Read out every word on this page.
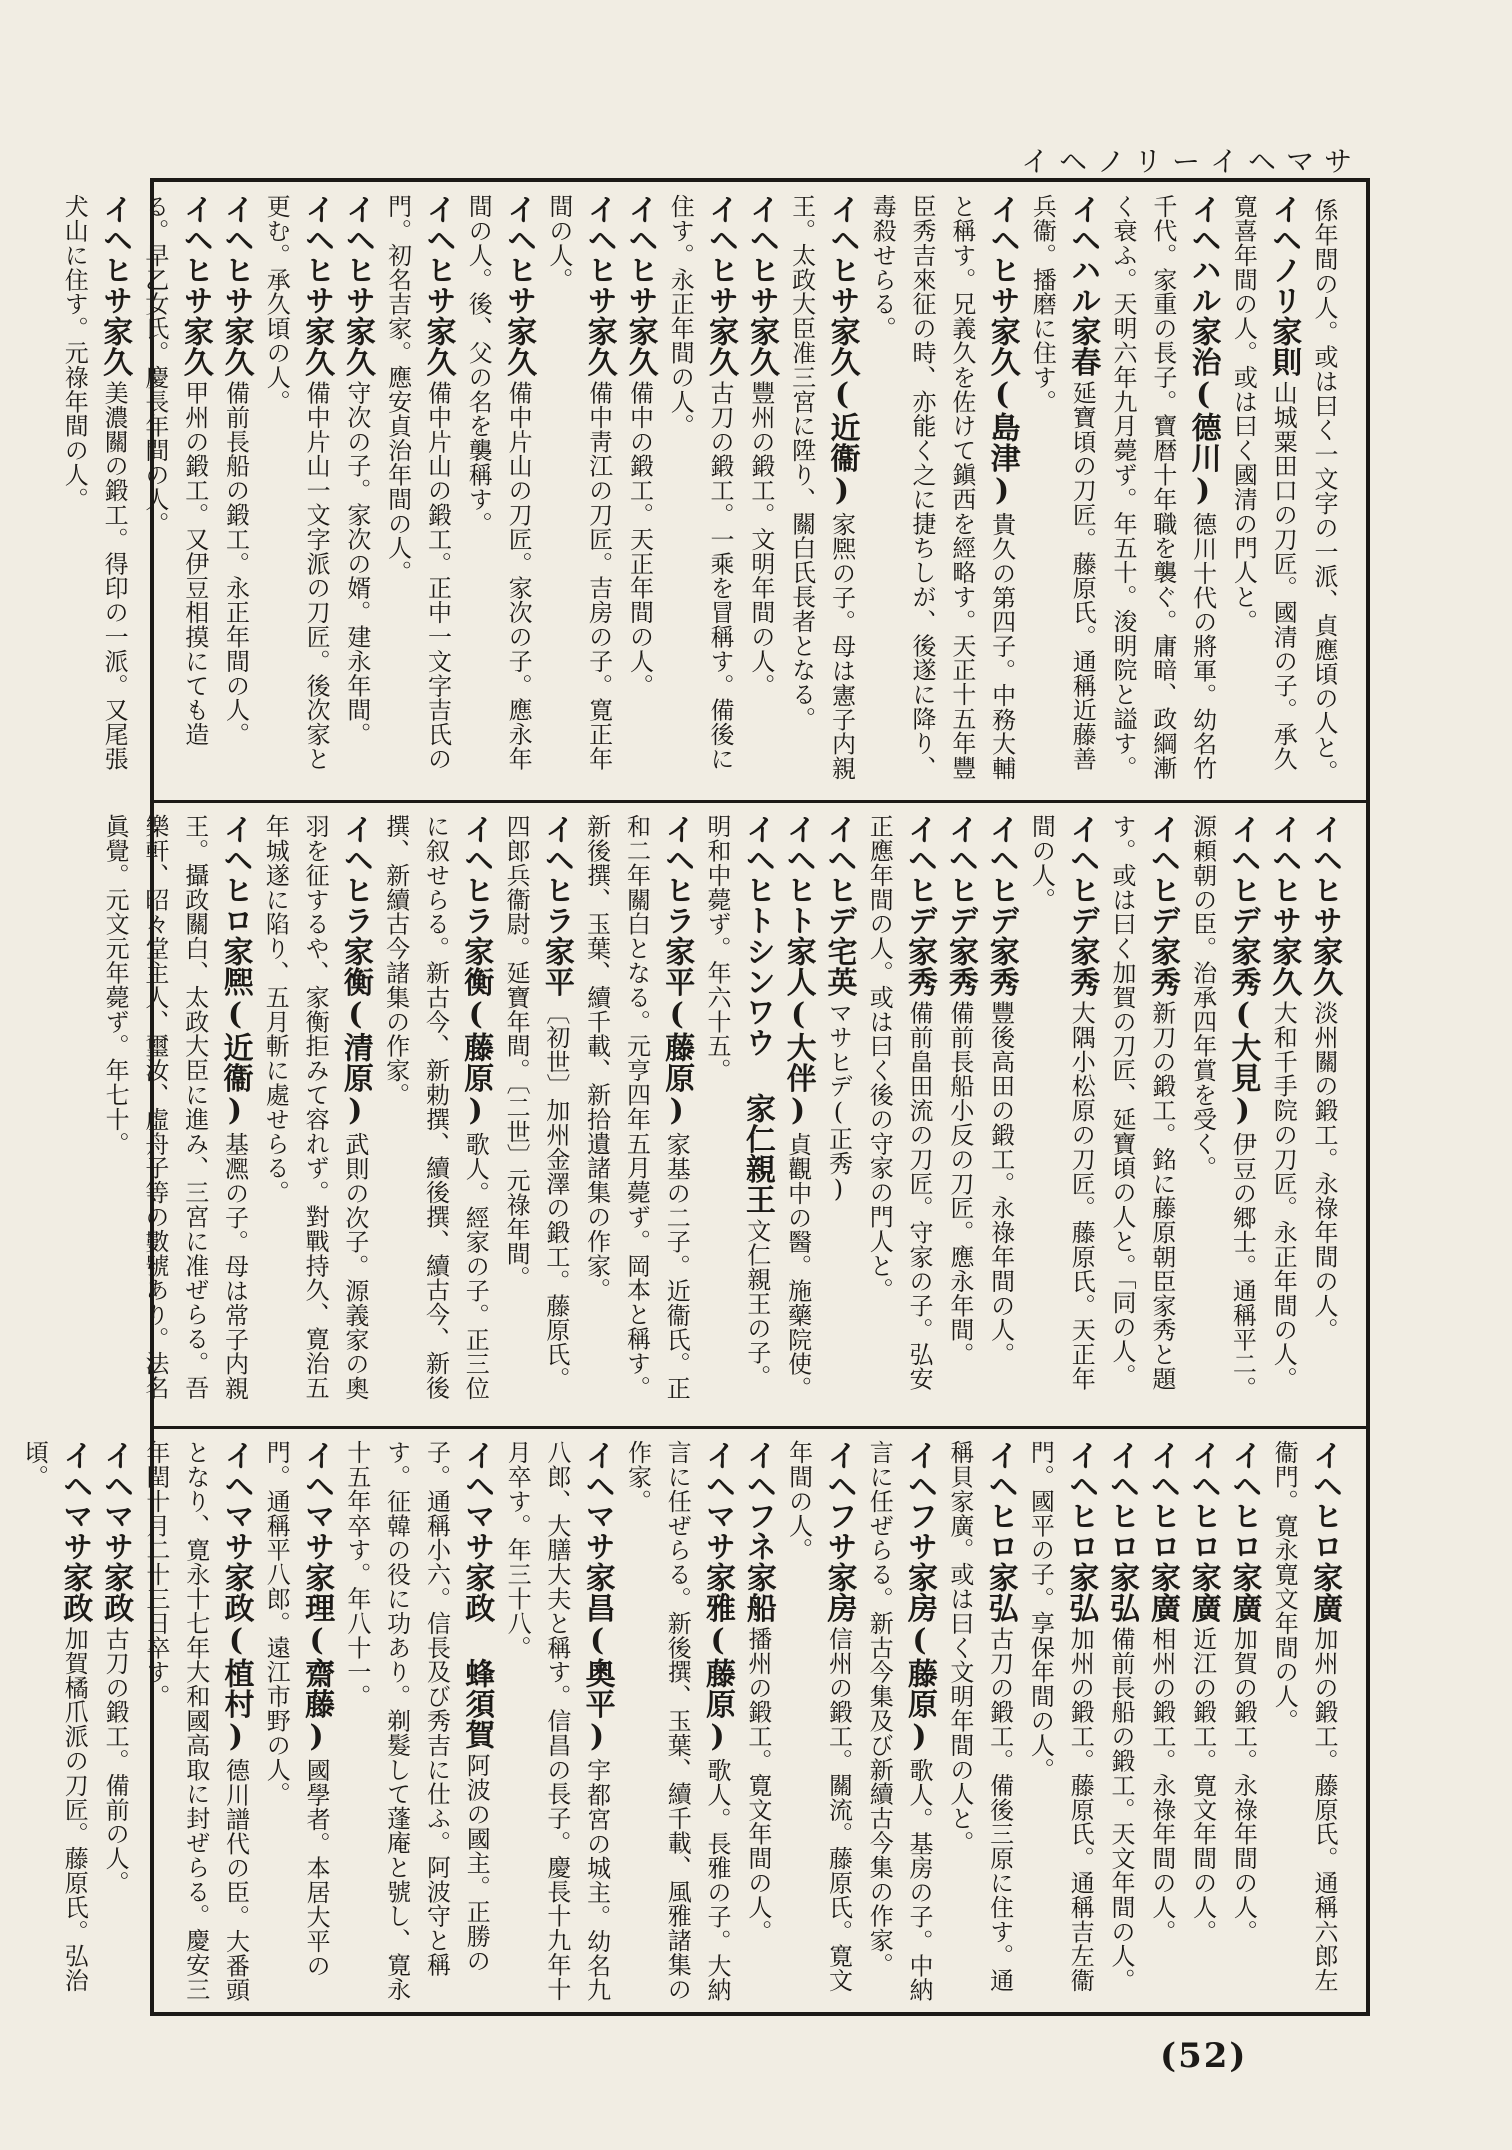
イヘノリーイヘマサ
係年間の人。或は曰く一文字の一派、貞應頃の人と。
イヘノリ家則山城粟田口の刀匠。國清の子。承久寛喜年間の人。或は曰く國清の門人と。
イヘハル家治(德川)德川十代の將軍。幼名竹千代。家重の長子。寶暦十年職を襲ぐ。庸暗、政綱漸く衰ふ。天明六年九月薨ず。年五十。浚明院と謚す。
イヘハル家春延寶頃の刀匠。藤原氏。通稱近藤善兵衞。播磨に住す。
イヘヒサ家久(島津)貴久の第四子。中務大輔と稱す。兄義久を佐けて鎭西を經略す。天正十五年豐臣秀吉來征の時、亦能く之に捷ちしが、後遂に降り、毒殺せらる。
イヘヒサ家久(近衞)家熈の子。母は憲子内親王。太政大臣准三宮に陞り、關白氏長者となる。
イヘヒサ家久豐州の鍛工。文明年間の人。
イヘヒサ家久古刀の鍛工。一乘を冒稱す。備後に住す。永正年間の人。
イヘヒサ家久備中の鍛工。天正年間の人。
イヘヒサ家久備中靑江の刀匠。吉房の子。寛正年間の人。
イヘヒサ家久備中片山の刀匠。家次の子。應永年間の人。後、父の名を襲稱す。
イヘヒサ家久備中片山の鍛工。正中一文字吉氏の門。初名吉家。應安貞治年間の人。
イヘヒサ家久守次の子。家次の婿。建永年間。
イヘヒサ家久備中片山一文字派の刀匠。後次家と更む。承久頃の人。
イヘヒサ家久備前長船の鍛工。永正年間の人。
イヘヒサ家久甲州の鍛工。又伊豆相摸にても造る。早乙女氏。慶長年間の人。
イヘヒサ家久美濃關の鍛工。得印の一派。又尾張犬山に住す。元祿年間の人。
イヘヒサ家久淡州關の鍛工。永祿年間の人。
イヘヒサ家久大和千手院の刀匠。永正年間の人。
イヘヒデ家秀(大見)伊豆の郷士。通稱平二。源頼朝の臣。治承四年賞を受く。
イヘヒデ家秀新刀の鍛工。銘に藤原朝臣家秀と題す。或は曰く加賀の刀匠、延寶頃の人と。「同の人。
イヘヒデ家秀大隅小松原の刀匠。藤原氏。天正年間の人。
イヘヒデ家秀豐後高田の鍛工。永祿年間の人。
イヘヒデ家秀備前長船小反の刀匠。應永年間。
イヘヒデ家秀備前畠田流の刀匠。守家の子。弘安正應年間の人。或は曰く後の守家の門人と。
イヘヒデ宅英マサヒデ(正秀)
イヘヒト家人(大伴)貞觀中の醫。施藥院使。
イヘヒトシンワウ 家仁親王文仁親王の子。明和中薨ず。年六十五。
イヘヒラ家平(藤原)家基の二子。近衞氏。正和二年關白となる。元亨四年五月薨ず。岡本と稱す。新後撰、玉葉、續千載、新拾遺諸集の作家。
イヘヒラ家平〔初世〕加州金澤の鍛工。藤原氏。四郎兵衞尉。延寶年間。〔二世〕元祿年間。
イヘヒラ家衡(藤原)歌人。經家の子。正三位に叙せらる。新古今、新勅撰、續後撰、續古今、新後撰、新續古今諸集の作家。
イヘヒラ家衡(清原)武則の次子。源義家の奧羽を征するや、家衡拒みて容れず。對戰持久、寛治五年城遂に陷り、五月斬に處せらる。
イヘヒロ家熈(近衞)基凞の子。母は常子内親王。攝政關白、太政大臣に進み、三宮に准ぜらる。吾樂軒、昭々堂主人、璽汝、虛舟子等の數號あり。法名眞覺。元文元年薨ず。年七十。
イヘヒロ家廣加州の鍛工。藤原氏。通稱六郎左衞門。寛永寛文年間の人。
イヘヒロ家廣加賀の鍛工。永祿年間の人。
イヘヒロ家廣近江の鍛工。寛文年間の人。
イヘヒロ家廣相州の鍛工。永祿年間の人。
イヘヒロ家弘備前長船の鍛工。天文年間の人。
イヘヒロ家弘加州の鍛工。藤原氏。通稱吉左衞門。國平の子。享保年間の人。
イヘヒロ家弘古刀の鍛工。備後三原に住す。通稱貝家廣。或は曰く文明年間の人と。
イヘフサ家房(藤原)歌人。基房の子。中納言に任ぜらる。新古今集及び新續古今集の作家。
イヘフサ家房信州の鍛工。關流。藤原氏。寛文年間の人。
イヘフネ家船播州の鍛工。寛文年間の人。
イヘマサ家雅(藤原)歌人。長雅の子。大納言に任ぜらる。新後撰、玉葉、續千載、風雅諸集の作家。
イヘマサ家昌(奧平)宇都宮の城主。幼名九八郎、大膳大夫と稱す。信昌の長子。慶長十九年十月卒す。年三十八。
イヘマサ家政 蜂須賀阿波の國主。正勝の子。通稱小六。信長及び秀吉に仕ふ。阿波守と稱す。征韓の役に功あり。剃髮して蓬庵と號し、寛永十五年卒す。年八十一。
イヘマサ家理(齋藤)國學者。本居大平の門。通稱平八郎。遠江市野の人。
イヘマサ家政(植村)德川譜代の臣。大番頭となり、寛永十七年大和國高取に封ぜらる。慶安三年閏十月二十三日卒す。
イヘマサ家政古刀の鍛工。備前の人。
イヘマサ家政加賀橘爪派の刀匠。藤原氏。弘治頃。
(52)
